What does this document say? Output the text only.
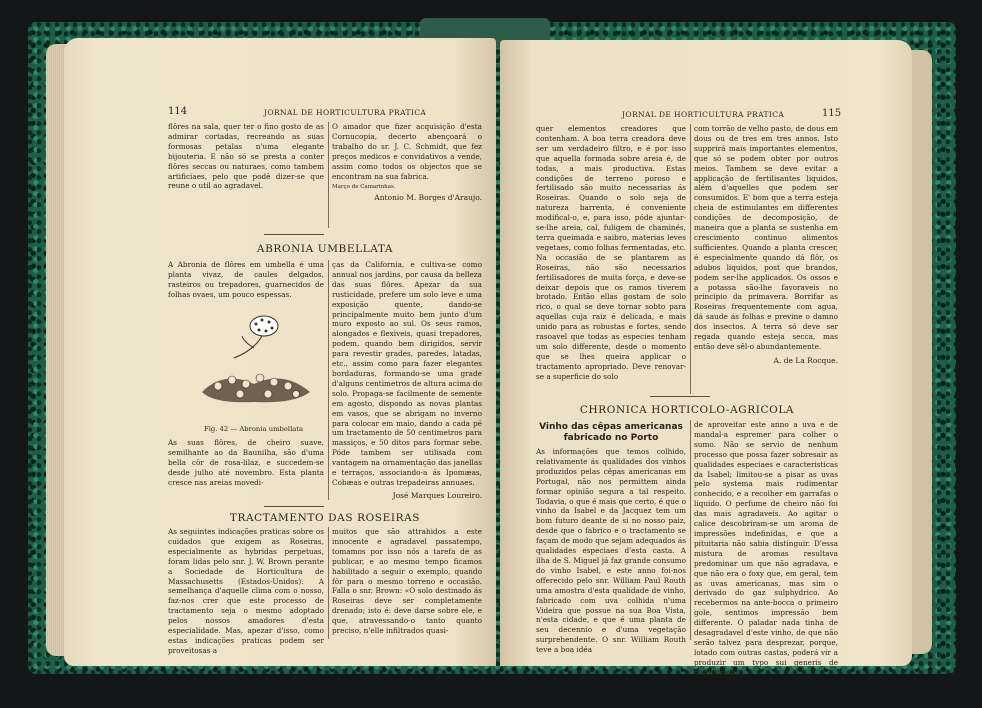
114	JORNAL DE HORTICULTURA PRATICA

flôres na sala, quer ter o fino gosto de as admirar cortadas, recreando as suas formosas petalas n'uma elegante bijouteria. E não só se presta a conter flôres seccas ou naturaes, como tambem artificiaes, pelo que podê dizer-se que reune o util ao agradavel.

O amador que fizer acquisição d'esta Cornucopia, decerto abençoará o trabalho do sr. J. C. Schmidt, que fez preços medicos e convidativos a vende, assim como todos os objectos que se encontram na sua fabrica.

Março de Camarinhas.

Antonio M. Borges d'Araujo.

ABRONIA UMBELLATA

A Abronia de flôres em umbella é uma planta vivaz, de caules delgados, rasteiros ou trepadores, guarnecidos de folhas ovaes, um pouco espessas.

Fig. 42 — Abronia umbellata

As suas flôres, de cheiro suave, semilhante ao da Baunilha, são d'uma bella côr de rosa-lilaz, e succedem-se desde julho até novembro. Esta planta cresce nas areias movedi-

ças da California, e cultiva-se como annual nos jardins, por causa da belleza das suas flôres. Apezar da sua rusticidade, prefere um solo leve e uma exposição quente, dando-se principalmente muito bem junto d'um muro exposto ao sul. Os seus ramos, alongados e flexiveis, quasi trepadores, podem, quando bem dirigidos, servir para revestir grades, paredes, latadas, etc., assim como para fazer elegantes bordaduras, formando-se uma grade d'alguns centimetros de altura acima do solo. Propaga-se facilmente de semente em agosto, dispondo as novas plantas em vasos, que se abrigam no inverno para colocar em maio, dando a cada pé um tractamento de 50 centimetros para massiços, e 50 ditos para formar sebe. Póde tambem ser utilisada com vantagem na ornamentação das janellas e terraços, associando-a ás Ipomæas, Cobæas e outras trepadeiras annuaes.

José Marques Loureiro.

TRACTAMENTO DAS ROSEIRAS

As seguintes indicações praticas sobre os cuidados que exigem as Roseiras, especialmente as hybridas perpetuas, foram lidas pelo snr. J. W. Brown perante a Sociedade de Horticultura de Massachusetts (Estados-Unidos). A semelhança d'aquelle clima com o nosso, faz-nos crer que este processo de tractamento seja o mesmo adoptado pelos nossos amadores d'esta especialidade. Mas, apezar d'isso, como estas indicações praticas podem ser proveitosas a

muitos que são attrahidos a este innocente e agradavel passatempo, tomamos por isso nós a tarefa de as publicar, e ao mesmo tempo ficamos habilitado a seguir o exemplo, quando fôr para o mesmo torreno e occasião. Falla o snr. Brown: «O solo destinado ás Roseiras deve ser completamente drenado; isto é: deve darse sobre ele, e que, atravessando-o tanto quanto preciso, n'elle infiltrados quasi-

JORNAL DE HORTICULTURA PRATICA	115

quer elementos creadores que contenham. A boa terra creadora deve ser um verdadeiro filtro, e é por isso que aquella formada sobre areia é, de todas, a mais productiva. Estas condições de terreno poroso e fertilisado são muito necessarias ás Roseiras. Quando o solo seja de natureza barrenta, é conveniente modifical-o, e, para isso, póde ajuntar-se-lhe areia, cal, fuligem de chaminés, terra queimada e saibro, materias leves vegetaes, como folhas fermentadas, etc. Na occasião de se plantarem as Roseiras, não são necessarios fertilisadores de muita força, e deve-se deixar depois que os ramos tiverem brotado. Então ellas gostam de solo rico, o qual se deve tornar sobto para aquellas cuja raiz é delicada, e mais unido para as robustas e fortes, sendo rasoavel que todas as especies tenham um solo differente, desde o momento que se lhes queira applicar o tractamento apropriado. Deve renovar-se a superficie do solo

com torrão de velho pasto, de dous em dous ou de tres em tres annos. Isto supprirá mais importantes elementos, que só se podem obter por outros meios. Tambem se deve evitar a applicação de fertilisantes liquidos, além d'aquelles que podem ser consumidos. E' bom que a terra esteja cheia de estimulantes em differentes condições de decomposição, de maneira que a planta se sustenha em crescimento continuo alimentos sufficientes. Quando a planta crescer, é especialmente quando dá flôr, os adubos liquidos, post que brandos, podem ser-lhe applicados. Os ossos e a potassa são-lhe favoraveis no principio da primavera. Borrifar as Roseiras frequentemente com agua, dá saude ás folhas e previne o damno dos insectos. A terra só deve ser regada quando esteja secca, mas então deve sêl-o abundantemente.

A. de La Rocque.

CHRONICA HORTICOLO-AGRICOLA
Vinho das cêpas americanas fabricado no Porto

As informações que temos colhido, relativamente ás qualidades dos vinhos produzidos pelas cêpas americanas em Portugal, não nos permittem ainda formar opinião segura a tal respeito. Todavia, o que é mais que certo, é que o vinho da Isabel e da Jacquez tem um bom futuro deante de si no nosso paiz, desde que o fabrico e o tractamento se façam de modo que sejam adequados ás qualidades especiaes d'esta casta. A ilha de S. Miguel já faz grande consumo do vinho Isabel, e este anno foi-nos offerecido pelo snr. William Paul Routh uma amostra d'esta qualidade de vinho, fabricado com uva colhida n'uma Videira que possue na sua Boa Vista, n'esta cidade, e que é uma planta de seu decennio e d'uma vegetação surprehendente. O snr. William Routh teve a boa idéa

de aproveitar este anno a uva e de mandal-a espremer para colher o sumo. Não se servio de nenhum processo que possa fazer sobresair as qualidades especiaes e caracteristicas da Isabel; limitou-se a pisar as uvas pelo systema mais rudimentar conhecido, e a recolher em garrafas o liquido. O perfume de cheiro não foi das mais agradaveis. Ao agitar o calice descobriram-se um aroma de impressões indefinidas, e que a pituitaria não sabia distinguir. D'essa mistura de aromas resultava predominar um que não agradava, e que não era o foxy que, em geral, tem as uvas americanas, mas sim o derivado do gaz sulphydrico. Ao recebermos na ante-bocca o primeiro gole, sentimos impressão bem differente. O paladar nada tinha de desagradavel d'este vinho, de que não serão talvez para desprezar, porque, lotado com outras castas, poderá vir a produzir um typo sui generis de merecimento.
